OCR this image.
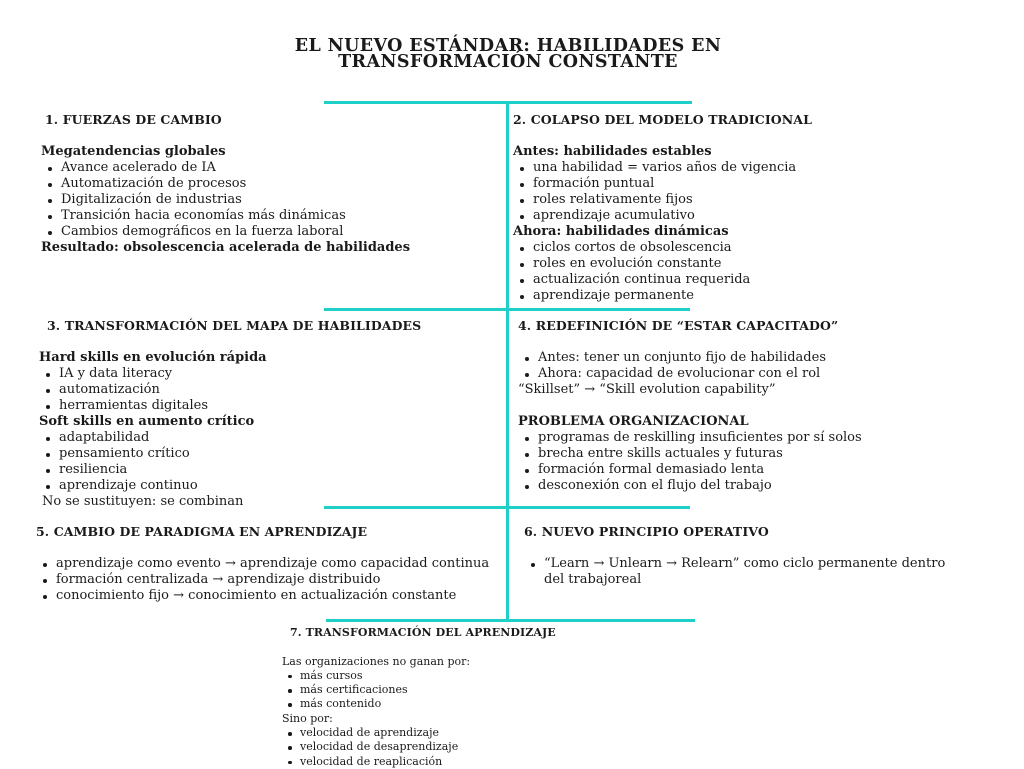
EL NUEVO ESTÁNDAR: HABILIDADES EN
TRANSFORMACIÓN CONSTANTE
1. FUERZAS DE CAMBIO
Megatendencias globales
Avance acelerado de IA
Automatización de procesos
Digitalización de industrias
Transición hacia economías más dinámicas
Cambios demográficos en la fuerza laboral
Resultado: obsolescencia acelerada de habilidades
2. COLAPSO DEL MODELO TRADICIONAL
Antes: habilidades estables
una habilidad = varios años de vigencia
formación puntual
roles relativamente fijos
aprendizaje acumulativo
Ahora: habilidades dinámicas
ciclos cortos de obsolescencia
roles en evolución constante
actualización continua requerida
aprendizaje permanente
3. TRANSFORMACIÓN DEL MAPA DE HABILIDADES
Hard skills en evolución rápida
IA y data literacy
automatización
herramientas digitales
Soft skills en aumento crítico
adaptabilidad
pensamiento crítico
resiliencia
aprendizaje continuo
No se sustituyen: se combinan
4. REDEFINICIÓN DE “ESTAR CAPACITADO”
Antes: tener un conjunto fijo de habilidades
Ahora: capacidad de evolucionar con el rol
“Skillset” → “Skill evolution capability”
PROBLEMA ORGANIZACIONAL
programas de reskilling insuficientes por sí solos
brecha entre skills actuales y futuras
formación formal demasiado lenta
desconexión con el flujo del trabajo
5. CAMBIO DE PARADIGMA EN APRENDIZAJE
aprendizaje como evento → aprendizaje como capacidad continua
formación centralizada → aprendizaje distribuido
conocimiento fijo → conocimiento en actualización constante
6. NUEVO PRINCIPIO OPERATIVO
“Learn → Unlearn → Relearn” como ciclo permanente dentro del trabajoreal
7. TRANSFORMACIÓN DEL APRENDIZAJE
Las organizaciones no ganan por:
más cursos
más certificaciones
más contenido
Sino por:
velocidad de aprendizaje
velocidad de desaprendizaje
velocidad de reaplicación
